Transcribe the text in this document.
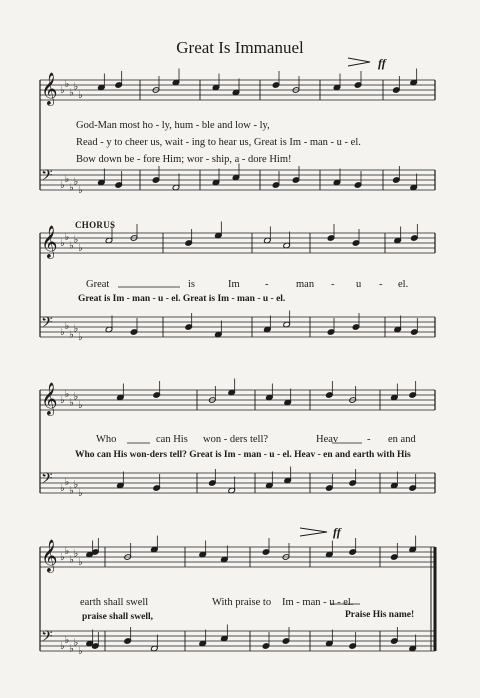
𝄞 ♭
♭
♭
♭
♭
𝄢 ♭
♭
♭
♭
♭
𝄞 ♭
♭
♭
♭
♭
𝄢 ♭
♭
♭
♭
♭
𝄞 ♭
♭
♭
♭
♭
𝄢 ♭
♭
♭
♭
♭
𝄞 ♭
♭
♭
♭
♭
𝄢 ♭
♭
♭
♭
♭
Great Is Immanuel
ff
God-Man most ho - ly, hum - ble and low - ly,
Read - y to cheer us, wait - ing to hear us, Great is Im - man - u - el.
Bow down be - fore Him; wor - ship, a - dore Him!
CHORUS
Great	is	Im -	man - u - el.
Great is Im - man - u - el. Great is Im - man - u - el.
Who	can His won - ders tell?	Heav	- en and
Who can His won-ders tell? Great is Im - man - u - el. Heav - en and earth with His
ff
earth shall swell	With praise to Im - man - u - el.
praise shall swell,	Praise His name!
